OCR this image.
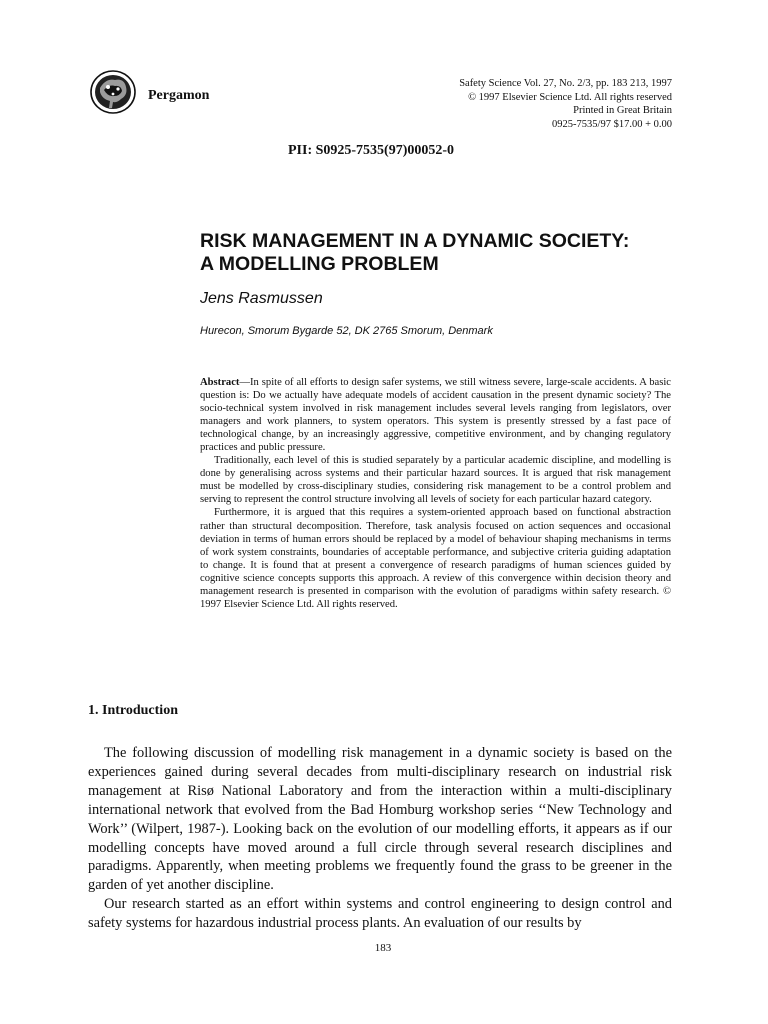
Pergamon
Safety Science Vol. 27, No. 2/3, pp. 183 213, 1997
© 1997 Elsevier Science Ltd. All rights reserved
Printed in Great Britain
0925-7535/97 $17.00 + 0.00
PII: S0925-7535(97)00052-0
RISK MANAGEMENT IN A DYNAMIC SOCIETY:
A MODELLING PROBLEM
Jens Rasmussen
Hurecon, Smorum Bygarde 52, DK 2765 Smorum, Denmark

Abstract—In spite of all efforts to design safer systems, we still witness severe, large-scale accidents. A basic question is: Do we actually have adequate models of accident causation in the present dynamic society? The socio-technical system involved in risk management includes several levels ranging from legislators, over managers and work planners, to system operators. This system is presently stressed by a fast pace of technological change, by an increasingly aggressive, competitive environment, and by changing regulatory practices and public pressure.

Traditionally, each level of this is studied separately by a particular academic discipline, and modelling is done by generalising across systems and their particular hazard sources. It is argued that risk management must be modelled by cross-disciplinary studies, considering risk management to be a control problem and serving to represent the control structure involving all levels of society for each particular hazard category.

Furthermore, it is argued that this requires a system-oriented approach based on functional abstraction rather than structural decomposition. Therefore, task analysis focused on action sequences and occasional deviation in terms of human errors should be replaced by a model of behaviour shaping mechanisms in terms of work system constraints, boundaries of acceptable performance, and subjective criteria guiding adaptation to change. It is found that at present a convergence of research paradigms of human sciences guided by cognitive science concepts supports this approach. A review of this convergence within decision theory and management research is presented in comparison with the evolution of paradigms within safety research. © 1997 Elsevier Science Ltd. All rights reserved.

1. Introduction

The following discussion of modelling risk management in a dynamic society is based on the experiences gained during several decades from multi-disciplinary research on industrial risk management at Risø National Laboratory and from the interaction within a multi-disciplinary international network that evolved from the Bad Homburg workshop series ‘‘New Technology and Work’’ (Wilpert, 1987-). Looking back on the evolution of our modelling efforts, it appears as if our modelling concepts have moved around a full circle through several research disciplines and paradigms. Apparently, when meeting problems we frequently found the grass to be greener in the garden of yet another discipline.

Our research started as an effort within systems and control engineering to design control and safety systems for hazardous industrial process plants. An evaluation of our results by

183
